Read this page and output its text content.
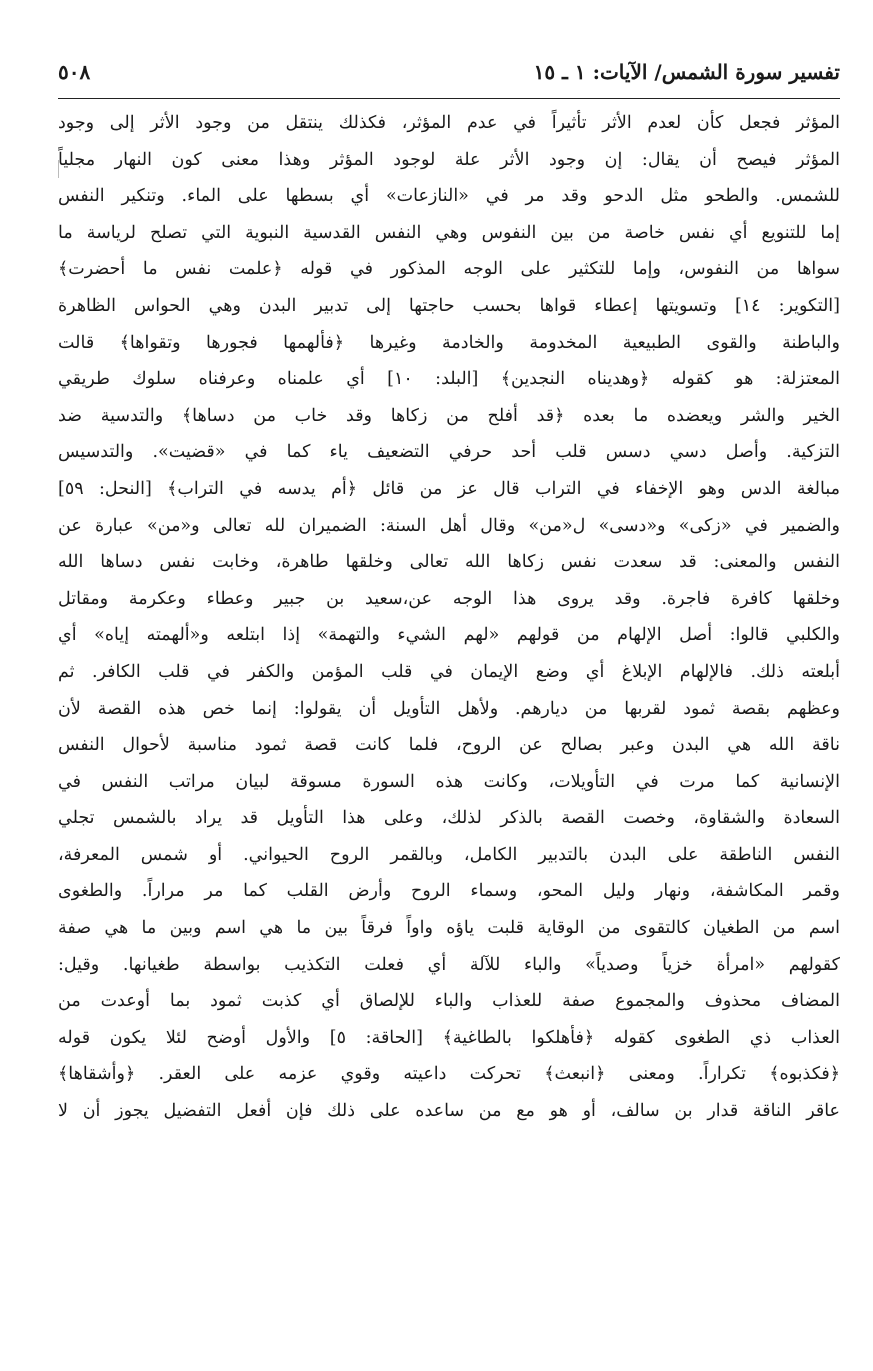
تفسير سورة الشمس/ الآيات: ١ ـ ١٥
٥٠٨
المؤثر فجعل كأن لعدم الأثر تأثيراً في عدم المؤثر، فكذلك ينتقل من وجود الأثر إلى وجود
المؤثر فيصح أن يقال: إن وجود الأثر علة لوجود المؤثر وهذا معنى كون النهار مجلياً
للشمس. والطحو مثل الدحو وقد مر في «النازعات» أي بسطها على الماء. وتنكير النفس
إما للتنويع أي نفس خاصة من بين النفوس وهي النفس القدسية النبوية التي تصلح لرياسة ما
سواها من النفوس، وإما للتكثير على الوجه المذكور في قوله ﴿علمت نفس ما أحضرت﴾
[التكوير: ١٤] وتسويتها إعطاء قواها بحسب حاجتها إلى تدبير البدن وهي الحواس الظاهرة
والباطنة والقوى الطبيعية المخدومة والخادمة وغيرها ﴿فألهمها فجورها وتقواها﴾ قالت
المعتزلة: هو كقوله ﴿وهديناه النجدين﴾ [البلد: ١٠] أي علمناه وعرفناه سلوك طريقي
الخير والشر ويعضده ما بعده ﴿قد أفلح من زكاها وقد خاب من دساها﴾ والتدسية ضد
التزكية. وأصل دسي دسس قلب أحد حرفي التضعيف ياء كما في «قضيت». والتدسيس
مبالغة الدس وهو الإخفاء في التراب قال عز من قائل ﴿أم يدسه في التراب﴾ [النحل: ٥٩]
والضمير في «زكى» و«دسى» ل«من» وقال أهل السنة: الضميران لله تعالى و«من» عبارة عن
النفس والمعنى: قد سعدت نفس زكاها الله تعالى وخلقها طاهرة، وخابت نفس دساها الله
وخلقها كافرة فاجرة. وقد يروى هذا الوجه عن،سعيد بن جبير وعطاء وعكرمة ومقاتل
والكلبي قالوا: أصل الإلهام من قولهم «لهم الشيء والتهمة» إذا ابتلعه و«ألهمته إياه» أي
أبلعته ذلك. فالإلهام الإبلاغ أي وضع الإيمان في قلب المؤمن والكفر في قلب الكافر. ثم
وعظهم بقصة ثمود لقربها من ديارهم. ولأهل التأويل أن يقولوا: إنما خص هذه القصة لأن
ناقة الله هي البدن وعبر بصالح عن الروح، فلما كانت قصة ثمود مناسبة لأحوال النفس
الإنسانية كما مرت في التأويلات، وكانت هذه السورة مسوقة لبيان مراتب النفس في
السعادة والشقاوة، وخصت القصة بالذكر لذلك، وعلى هذا التأويل قد يراد بالشمس تجلي
النفس الناطقة على البدن بالتدبير الكامل، وبالقمر الروح الحيواني. أو شمس المعرفة،
وقمر المكاشفة، ونهار وليل المحو، وسماء الروح وأرض القلب كما مر مراراً. والطغوى
اسم من الطغيان كالتقوى من الوقاية قلبت ياؤه واواً فرقاً بين ما هي اسم وبين ما هي صفة
كقولهم «امرأة خزياً وصدياً» والباء للآلة أي فعلت التكذيب بواسطة طغيانها. وقيل:
المضاف محذوف والمجموع صفة للعذاب والباء للإلصاق أي كذبت ثمود بما أوعدت من
العذاب ذي الطغوى كقوله ﴿فأهلكوا بالطاغية﴾ [الحاقة: ٥] والأول أوضح لئلا يكون قوله
﴿فكذبوه﴾ تكراراً. ومعنى ﴿انبعث﴾ تحركت داعيته وقوي عزمه على العقر. ﴿وأشقاها﴾
عاقر الناقة قدار بن سالف، أو هو مع من ساعده على ذلك فإن أفعل التفضيل يجوز أن لا
